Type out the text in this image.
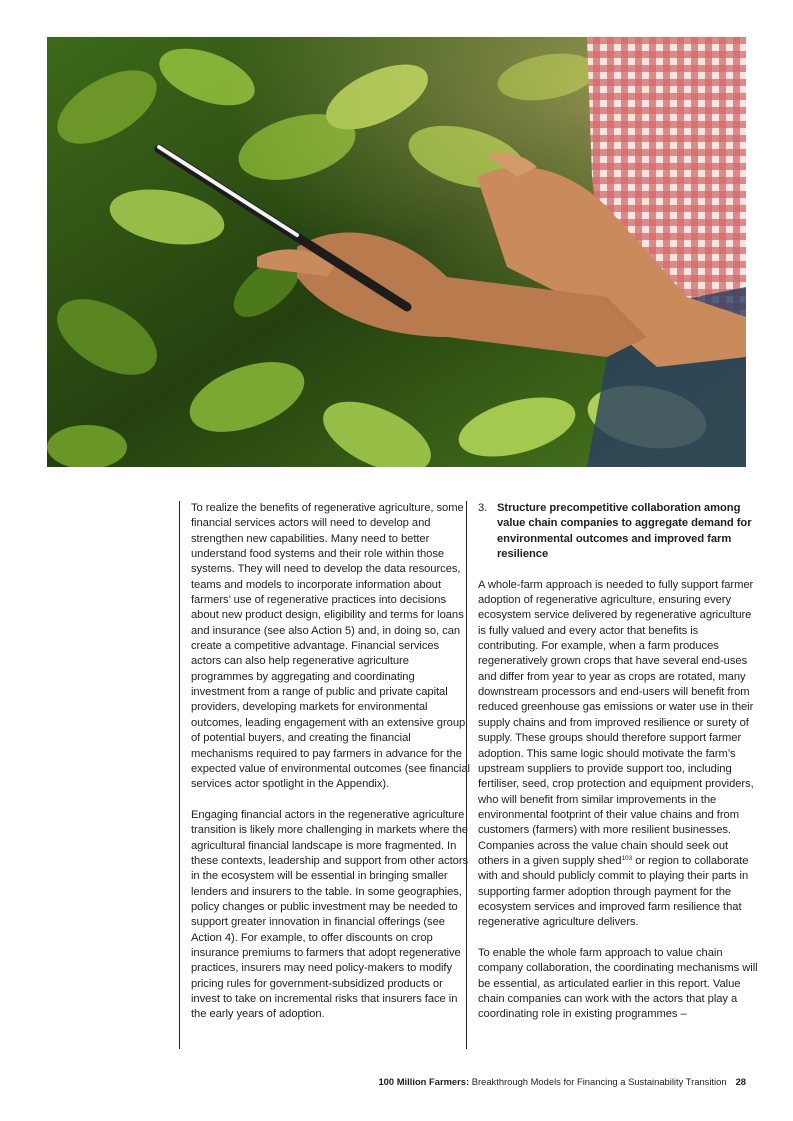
To realize the benefits of regenerative agriculture, some financial services actors will need to develop and strengthen new capabilities. Many need to better understand food systems and their role within those systems. They will need to develop the data resources, teams and models to incorporate information about farmers’ use of regenerative practices into decisions about new product design, eligibility and terms for loans and insurance (see also Action 5) and, in doing so, can create a competitive advantage. Financial services actors can also help regenerative agriculture programmes by aggregating and coordinating investment from a range of public and private capital providers, developing markets for environmental outcomes, leading engagement with an extensive group of potential buyers, and creating the financial mechanisms required to pay farmers in advance for the expected value of environmental outcomes (see financial services actor spotlight in the Appendix).

Engaging financial actors in the regenerative agriculture transition is likely more challenging in markets where the agricultural financial landscape is more fragmented. In these contexts, leadership and support from other actors in the ecosystem will be essential in bringing smaller lenders and insurers to the table. In some geographies, policy changes or public investment may be needed to support greater innovation in financial offerings (see Action 4). For example, to offer discounts on crop insurance premiums to farmers that adopt regenerative practices, insurers may need policy-makers to modify pricing rules for government-subsidized products or invest to take on incremental risks that insurers face in the early years of adoption.

3. Structure precompetitive collaboration among value chain companies to aggregate demand for environmental outcomes and improved farm resilience

A whole-farm approach is needed to fully support farmer adoption of regenerative agriculture, ensuring every ecosystem service delivered by regenerative agriculture is fully valued and every actor that benefits is contributing. For example, when a farm produces regeneratively grown crops that have several end-uses and differ from year to year as crops are rotated, many downstream processors and end-users will benefit from reduced greenhouse gas emissions or water use in their supply chains and from improved resilience or surety of supply. These groups should therefore support farmer adoption. This same logic should motivate the farm’s upstream suppliers to provide support too, including fertiliser, seed, crop protection and equipment providers, who will benefit from similar improvements in the environmental footprint of their value chains and from customers (farmers) with more resilient businesses. Companies across the value chain should seek out others in a given supply shed$^{103}$ or region to collaborate with and should publicly commit to playing their parts in supporting farmer adoption through payment for the ecosystem services and improved farm resilience that regenerative agriculture delivers.

To enable the whole farm approach to value chain company collaboration, the coordinating mechanisms will be essential, as articulated earlier in this report. Value chain companies can work with the actors that play a coordinating role in existing programmes –

100 Million Farmers: Breakthrough Models for Financing a Sustainability Transition 28
